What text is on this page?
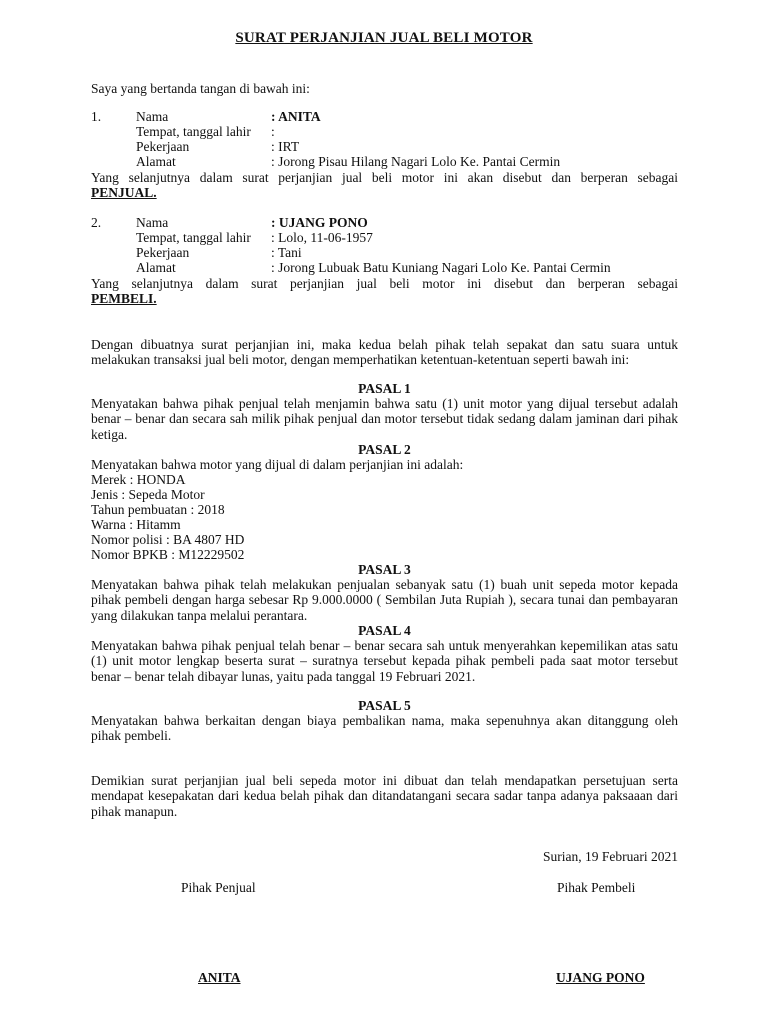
SURAT PERJANJIAN JUAL BELI MOTOR
Saya yang bertanda tangan di bawah ini:
1.	Nama	: ANITA
Tempat, tanggal lahir :
Pekerjaan	: IRT
Alamat	: Jorong Pisau Hilang Nagari Lolo Ke. Pantai Cermin
Yang selanjutnya dalam surat perjanjian jual beli motor ini akan disebut dan berperan sebagai
PENJUAL.
2.	Nama	: UJANG PONO
Tempat, tanggal lahir : Lolo, 11-06-1957
Pekerjaan	: Tani
Alamat	: Jorong Lubuak Batu Kuniang Nagari Lolo Ke. Pantai Cermin
Yang selanjutnya dalam surat perjanjian jual beli motor ini disebut dan berperan sebagai
PEMBELI.
Dengan dibuatnya surat perjanjian ini, maka kedua belah pihak telah sepakat dan satu suara untuk melakukan transaksi jual beli motor, dengan memperhatikan ketentuan-ketentuan seperti bawah ini:
PASAL 1
Menyatakan bahwa pihak penjual telah menjamin bahwa satu (1) unit motor yang dijual tersebut adalah benar – benar dan secara sah milik pihak penjual dan motor tersebut tidak sedang dalam jaminan dari pihak ketiga.
PASAL 2
Menyatakan bahwa motor yang dijual di dalam perjanjian ini adalah:
Merek : HONDA
Jenis : Sepeda Motor
Tahun pembuatan : 2018
Warna : Hitamm
Nomor polisi : BA 4807 HD
Nomor BPKB : M12229502
PASAL 3
Menyatakan bahwa pihak telah melakukan penjualan sebanyak satu (1) buah unit sepeda motor kepada pihak pembeli dengan harga sebesar Rp 9.000.0000 ( Sembilan Juta Rupiah ), secara tunai dan pembayaran yang dilakukan tanpa melalui perantara.
PASAL 4
Menyatakan bahwa pihak penjual telah benar – benar secara sah untuk menyerahkan kepemilikan atas satu (1) unit motor lengkap beserta surat – suratnya tersebut kepada pihak pembeli pada saat motor tersebut benar – benar telah dibayar lunas, yaitu pada tanggal 19 Februari 2021.
PASAL 5
Menyatakan bahwa berkaitan dengan biaya pembalikan nama, maka sepenuhnya akan ditanggung oleh pihak pembeli.
Demikian surat perjanjian jual beli sepeda motor ini dibuat dan telah mendapatkan persetujuan serta mendapat kesepakatan dari kedua belah pihak dan ditandatangani secara sadar tanpa adanya paksaaan dari pihak manapun.
Surian, 19 Februari 2021
Pihak Penjual	Pihak Pembeli
ANITA	UJANG PONO
